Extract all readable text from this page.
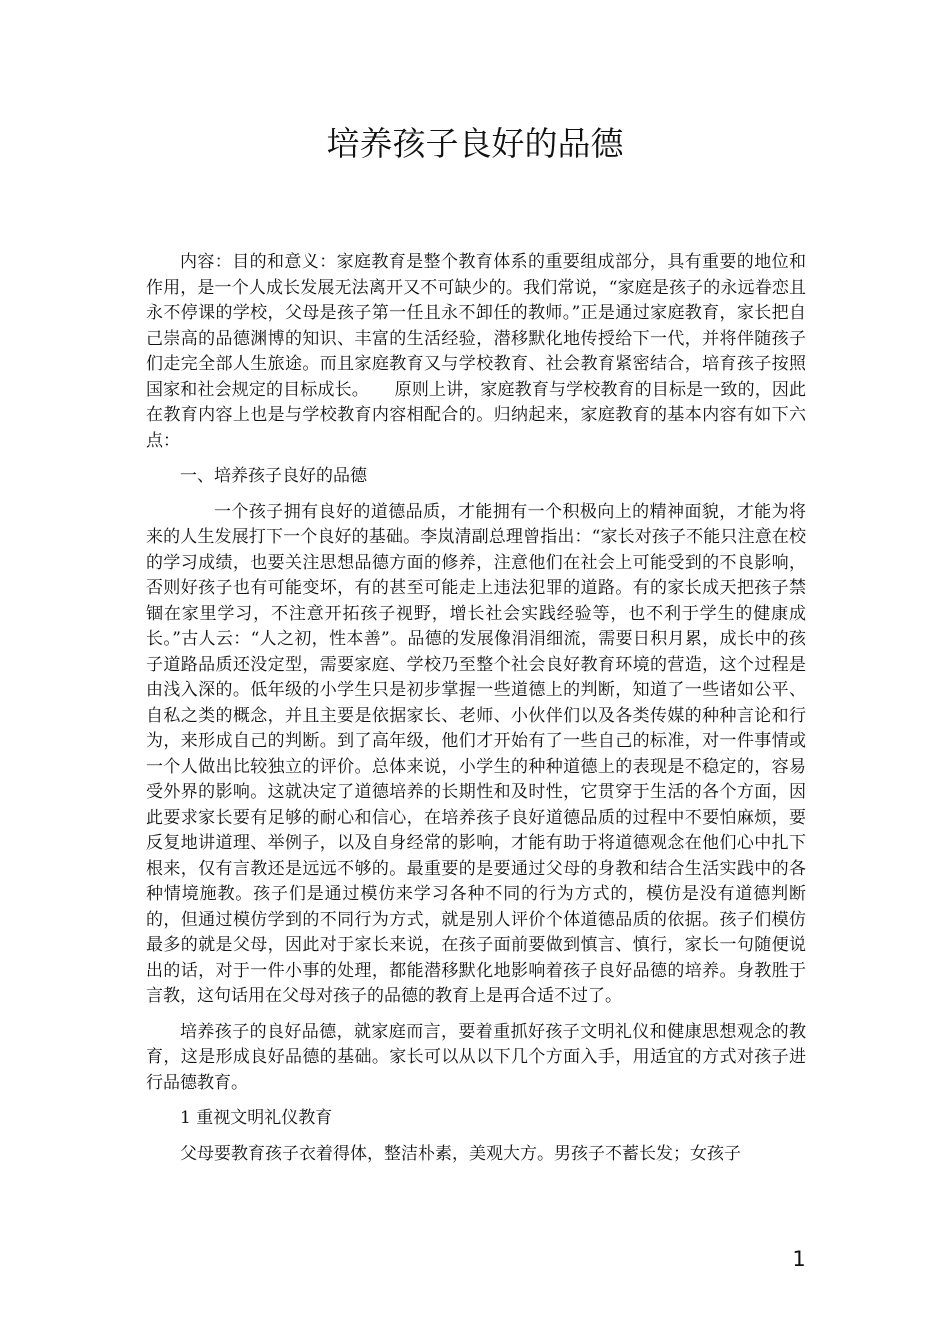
培养孩子良好的品德

内容：目的和意义：家庭教育是整个教育体系的重要组成部分，具有重要的地位和作用，是一个人成长发展无法离开又不可缺少的。我们常说，“家庭是孩子的永远眷恋且永不停课的学校，父母是孩子第一任且永不卸任的教师。”正是通过家庭教育，家长把自己崇高的品德渊博的知识、丰富的生活经验，潜移默化地传授给下一代，并将伴随孩子们走完全部人生旅途。而且家庭教育又与学校教育、社会教育紧密结合，培育孩子按照国家和社会规定的目标成长。　　原则上讲，家庭教育与学校教育的目标是一致的，因此在教育内容上也是与学校教育内容相配合的。归纳起来，家庭教育的基本内容有如下六点：

一、培养孩子良好的品德

一个孩子拥有良好的道德品质，才能拥有一个积极向上的精神面貌，才能为将来的人生发展打下一个良好的基础。李岚清副总理曾指出：“家长对孩子不能只注意在校的学习成绩，也要关注思想品德方面的修养，注意他们在社会上可能受到的不良影响，否则好孩子也有可能变坏，有的甚至可能走上违法犯罪的道路。有的家长成天把孩子禁锢在家里学习，不注意开拓孩子视野，增长社会实践经验等，也不利于学生的健康成长。”古人云：“人之初，性本善”。品德的发展像涓涓细流，需要日积月累，成长中的孩子道路品质还没定型，需要家庭、学校乃至整个社会良好教育环境的营造，这个过程是由浅入深的。低年级的小学生只是初步掌握一些道德上的判断，知道了一些诸如公平、自私之类的概念，并且主要是依据家长、老师、小伙伴们以及各类传媒的种种言论和行为，来形成自己的判断。到了高年级，他们才开始有了一些自己的标准，对一件事情或一个人做出比较独立的评价。总体来说，小学生的种种道德上的表现是不稳定的，容易受外界的影响。这就决定了道德培养的长期性和及时性，它贯穿于生活的各个方面，因此要求家长要有足够的耐心和信心，在培养孩子良好道德品质的过程中不要怕麻烦，要反复地讲道理、举例子，以及自身经常的影响，才能有助于将道德观念在他们心中扎下根来，仅有言教还是远远不够的。最重要的是要通过父母的身教和结合生活实践中的各种情境施教。孩子们是通过模仿来学习各种不同的行为方式的，模仿是没有道德判断的，但通过模仿学到的不同行为方式，就是别人评价个体道德品质的依据。孩子们模仿最多的就是父母，因此对于家长来说，在孩子面前要做到慎言、慎行，家长一句随便说出的话，对于一件小事的处理，都能潜移默化地影响着孩子良好品德的培养。身教胜于言教，这句话用在父母对孩子的品德的教育上是再合适不过了。

培养孩子的良好品德，就家庭而言，要着重抓好孩子文明礼仪和健康思想观念的教育，这是形成良好品德的基础。家长可以从以下几个方面入手，用适宜的方式对孩子进行品德教育。

1 重视文明礼仪教育

父母要教育孩子衣着得体，整洁朴素，美观大方。男孩子不蓄长发；女孩子

1
